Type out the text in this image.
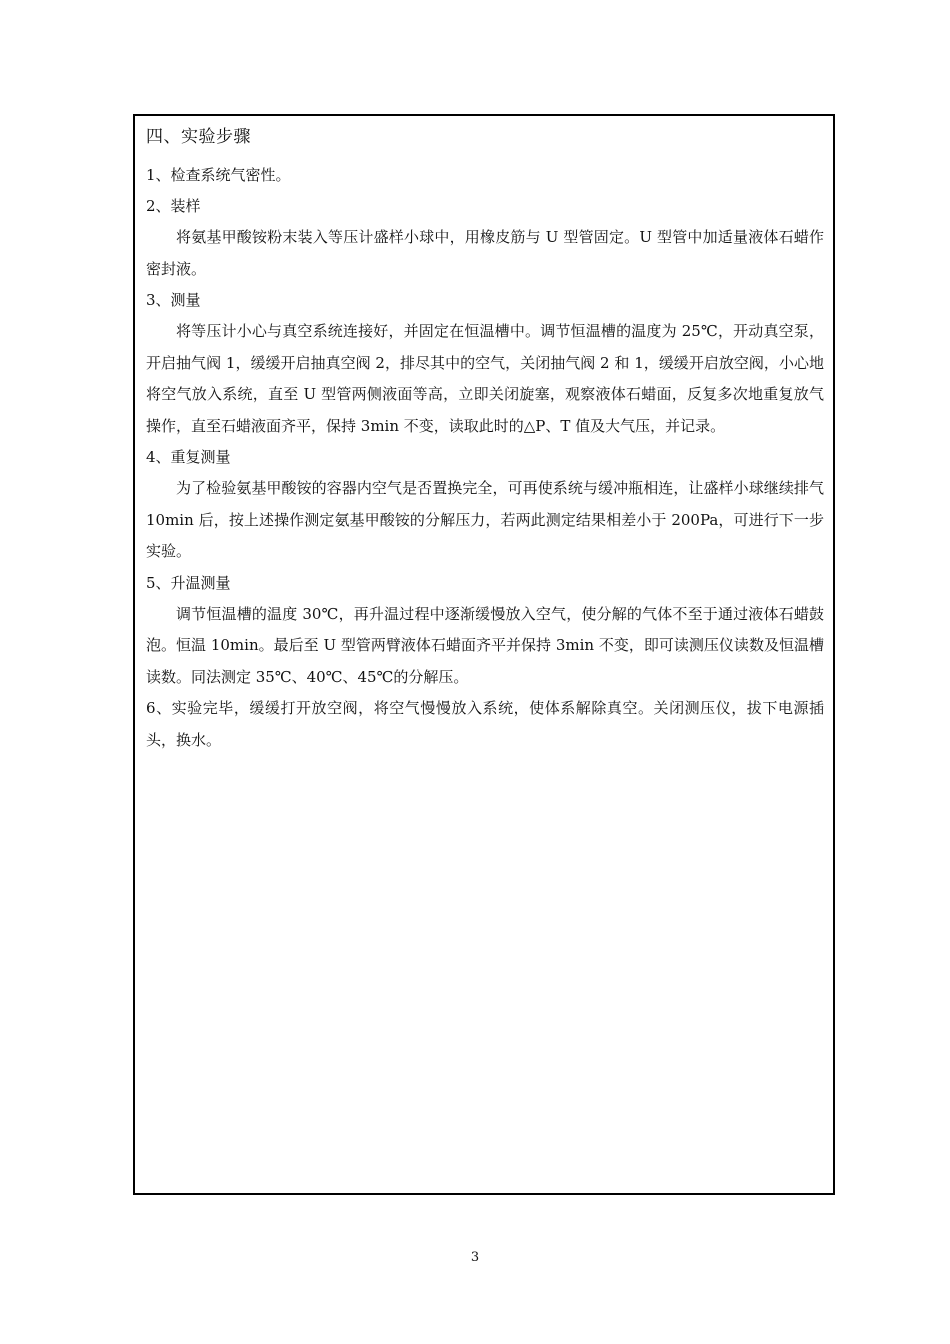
四、实验步骤
1、检查系统气密性。
2、装样

将氨基甲酸铵粉末装入等压计盛样小球中，用橡皮筋与 U 型管固定。U 型管中加适量液体石蜡作密封液。

3、测量

将等压计小心与真空系统连接好，并固定在恒温槽中。调节恒温槽的温度为 25℃，开动真空泵，开启抽气阀 1，缓缓开启抽真空阀 2，排尽其中的空气，关闭抽气阀 2 和 1，缓缓开启放空阀，小心地将空气放入系统，直至 U 型管两侧液面等高，立即关闭旋塞，观察液体石蜡面，反复多次地重复放气操作，直至石蜡液面齐平，保持 3min 不变，读取此时的△P、T 值及大气压，并记录。

4、重复测量

为了检验氨基甲酸铵的容器内空气是否置换完全，可再使系统与缓冲瓶相连，让盛样小球继续排气 10min 后，按上述操作测定氨基甲酸铵的分解压力，若两此测定结果相差小于 200Pa，可进行下一步实验。

5、升温测量

调节恒温槽的温度 30℃，再升温过程中逐渐缓慢放入空气，使分解的气体不至于通过液体石蜡鼓泡。恒温 10min。最后至 U 型管两臂液体石蜡面齐平并保持 3min 不变，即可读测压仪读数及恒温槽读数。同法测定 35℃、40℃、45℃的分解压。

6、实验完毕，缓缓打开放空阀，将空气慢慢放入系统，使体系解除真空。关闭测压仪，拔下电源插头，换水。

3
